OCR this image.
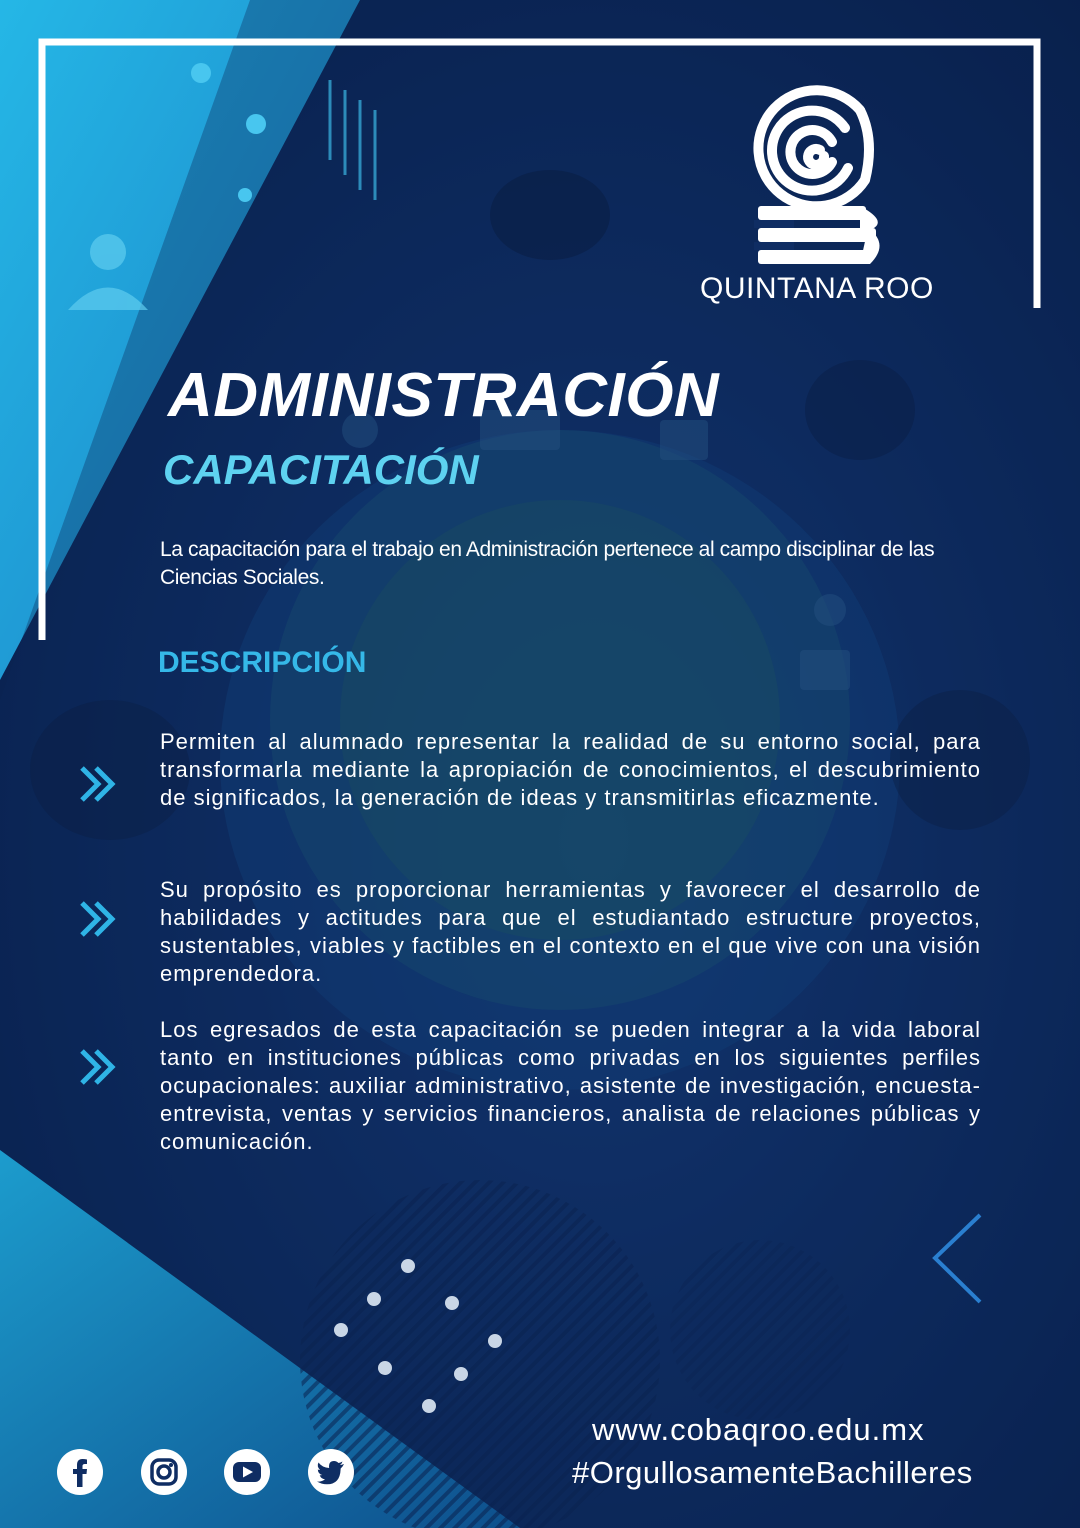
QUINTANA ROO
ADMINISTRACIÓN
CAPACITACIÓN
La capacitación para el trabajo en Administración pertenece al campo disciplinar de las Ciencias Sociales.
DESCRIPCIÓN
Permiten al alumnado representar la realidad de su entorno social, para transformarla mediante la apropiación de conocimientos, el descubrimiento de significados, la generación de ideas y transmitirlas eficazmente.
Su propósito es proporcionar herramientas y favorecer el desarrollo de habilidades y actitudes para que el estudiantado estructure proyectos, sustentables, viables y factibles en el contexto en el que vive con una visión emprendedora.
Los egresados de esta capacitación se pueden integrar a la vida laboral tanto en instituciones públicas como privadas en los siguientes perfiles ocupacionales: auxiliar administrativo, asistente de investigación, encuesta-entrevista, ventas y servicios financieros, analista de relaciones públicas y comunicación.
www.cobaqroo.edu.mx
#OrgullosamenteBachilleres
